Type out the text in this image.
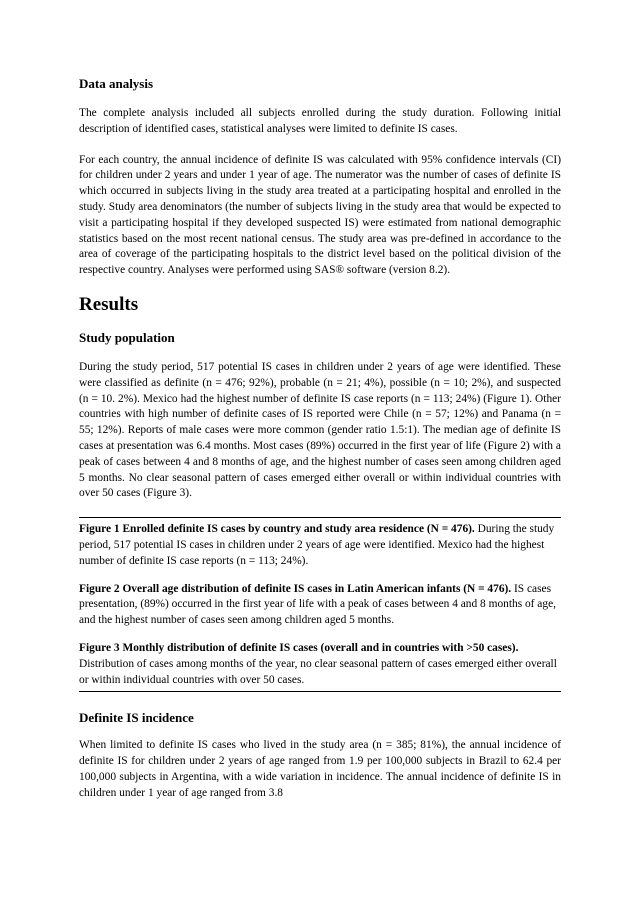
Data analysis

The complete analysis included all subjects enrolled during the study duration. Following initial description of identified cases, statistical analyses were limited to definite IS cases.

For each country, the annual incidence of definite IS was calculated with 95% confidence intervals (CI) for children under 2 years and under 1 year of age. The numerator was the number of cases of definite IS which occurred in subjects living in the study area treated at a participating hospital and enrolled in the study. Study area denominators (the number of subjects living in the study area that would be expected to visit a participating hospital if they developed suspected IS) were estimated from national demographic statistics based on the most recent national census. The study area was pre-defined in accordance to the area of coverage of the participating hospitals to the district level based on the political division of the respective country. Analyses were performed using SAS® software (version 8.2).

Results
Study population

During the study period, 517 potential IS cases in children under 2 years of age were identified. These were classified as definite (n = 476; 92%), probable (n = 21; 4%), possible (n = 10; 2%), and suspected (n = 10. 2%). Mexico had the highest number of definite IS case reports (n = 113; 24%) (Figure 1). Other countries with high number of definite cases of IS reported were Chile (n = 57; 12%) and Panama (n = 55; 12%). Reports of male cases were more common (gender ratio 1.5:1). The median age of definite IS cases at presentation was 6.4 months. Most cases (89%) occurred in the first year of life (Figure 2) with a peak of cases between 4 and 8 months of age, and the highest number of cases seen among children aged 5 months. No clear seasonal pattern of cases emerged either overall or within individual countries with over 50 cases (Figure 3).

Figure 1 Enrolled definite IS cases by country and study area residence (N = 476). During the study period, 517 potential IS cases in children under 2 years of age were identified. Mexico had the highest number of definite IS case reports (n = 113; 24%).

Figure 2 Overall age distribution of definite IS cases in Latin American infants (N = 476). IS cases presentation, (89%) occurred in the first year of life with a peak of cases between 4 and 8 months of age, and the highest number of cases seen among children aged 5 months.

Figure 3 Monthly distribution of definite IS cases (overall and in countries with >50 cases). Distribution of cases among months of the year, no clear seasonal pattern of cases emerged either overall or within individual countries with over 50 cases.

Definite IS incidence

When limited to definite IS cases who lived in the study area (n = 385; 81%), the annual incidence of definite IS for children under 2 years of age ranged from 1.9 per 100,000 subjects in Brazil to 62.4 per 100,000 subjects in Argentina, with a wide variation in incidence. The annual incidence of definite IS in children under 1 year of age ranged from 3.8
